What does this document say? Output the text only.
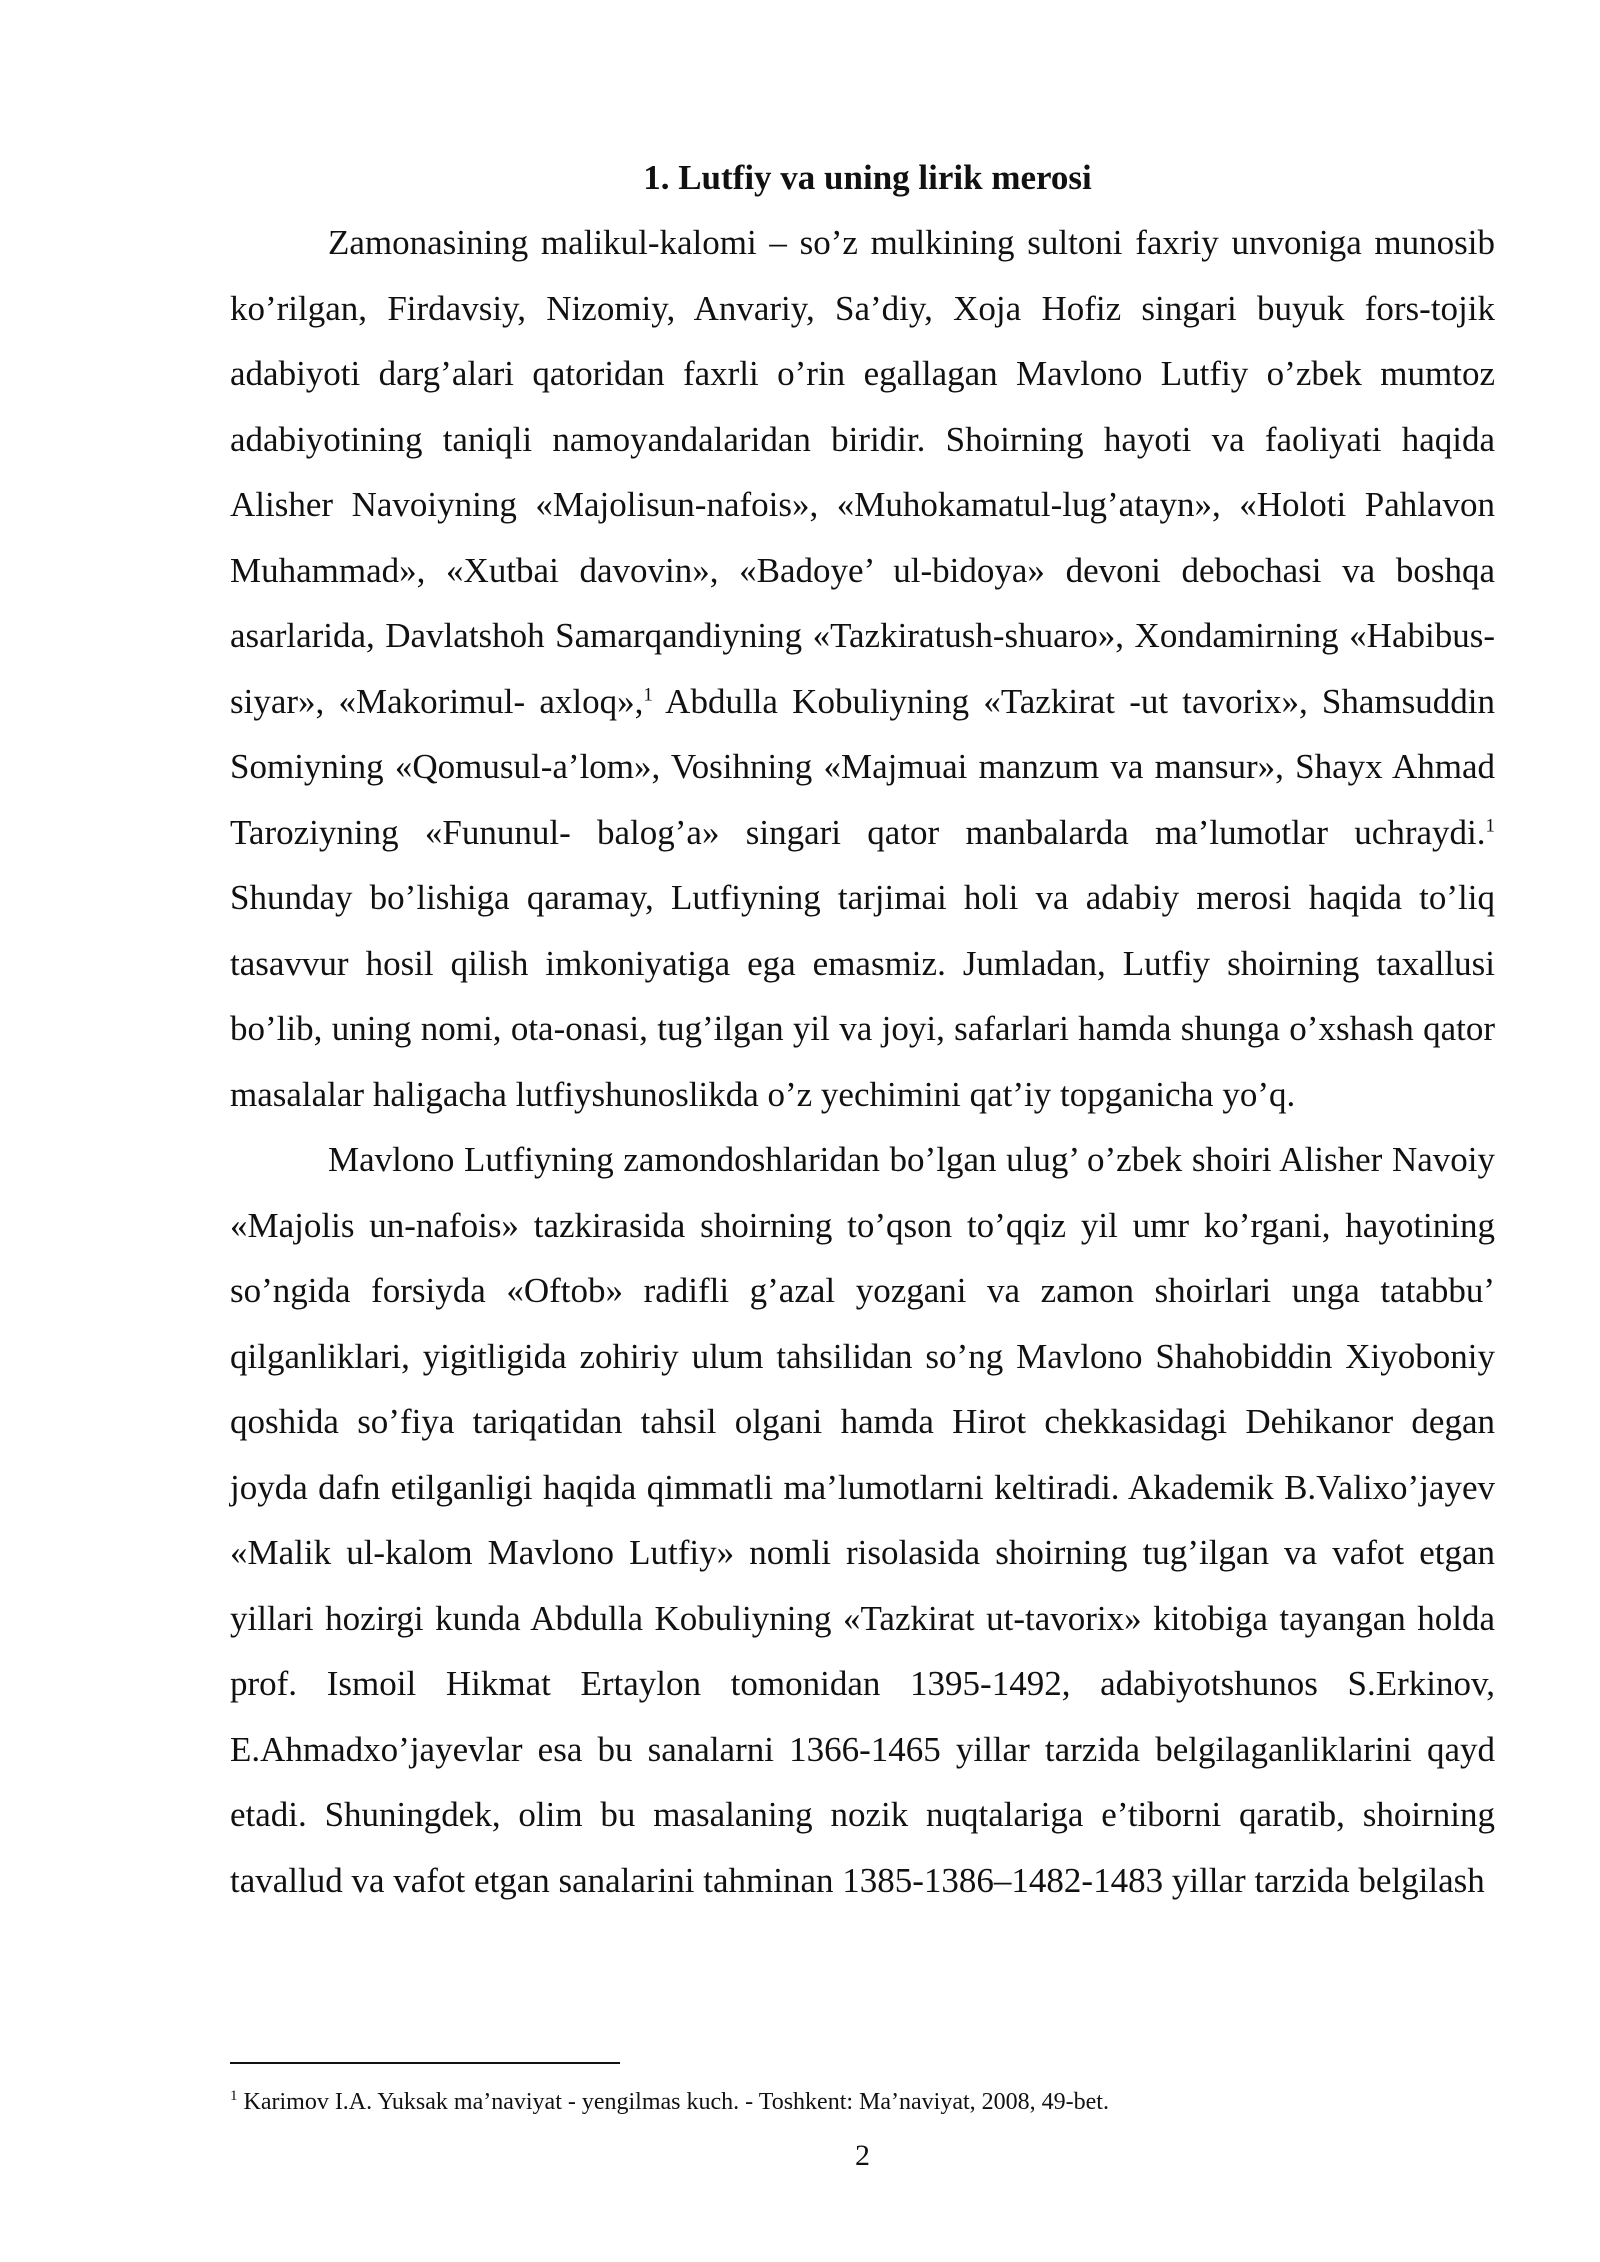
1. Lutfiy va uning lirik merosi

Zamonasining malikul-kalomi – so’z mulkining sultoni faxriy unvoniga munosib ko’rilgan, Firdavsiy, Nizomiy, Anvariy, Sa’diy, Xoja Hofiz singari buyuk fors-tojik adabiyoti darg’alari qatoridan faxrli o’rin egallagan Mavlono Lutfiy o’zbek mumtoz adabiyotining taniqli namoyandalaridan biridir. Shoirning hayoti va faoliyati haqida Alisher Navoiyning «Majolisun-nafois», «Muhokamatul-lug’atayn», «Holoti Pahlavon Muhammad», «Xutbai davovin», «Badoye’ ul-bidoya» devoni debochasi va boshqa asarlarida, Davlatshoh Samarqandiyning «Tazkiratush-shuaro», Xondamirning «Habibus-siyar», «Makorimul- axloq»,$^1$ Abdulla Kobuliyning «Tazkirat -ut tavorix», Shamsuddin Somiyning «Qomusul-a’lom», Vosihning «Majmuai manzum va mansur», Shayx Ahmad Taroziyning «Fununul- balog’a» singari qator manbalarda ma’lumotlar uchraydi.$^1$ Shunday bo’lishiga qaramay, Lutfiyning tarjimai holi va adabiy merosi haqida to’liq tasavvur hosil qilish imkoniyatiga ega emasmiz. Jumladan, Lutfiy shoirning taxallusi bo’lib, uning nomi, ota-onasi, tug’ilgan yil va joyi, safarlari hamda shunga o’xshash qator masalalar haligacha lutfiyshunoslikda o’z yechimini qat’iy topganicha yo’q.

Mavlono Lutfiyning zamondoshlaridan bo’lgan ulug’ o’zbek shoiri Alisher Navoiy «Majolis un-nafois» tazkirasida shoirning to’qson to’qqiz yil umr ko’rgani, hayotining so’ngida forsiyda «Oftob» radifli g’azal yozgani va zamon shoirlari unga tatabbu’ qilganliklari, yigitligida zohiriy ulum tahsilidan so’ng Mavlono Shahobiddin Xiyoboniy qoshida so’fiya tariqatidan tahsil olgani hamda Hirot chekkasidagi Dehikanor degan joyda dafn etilganligi haqida qimmatli ma’lumotlarni keltiradi. Akademik B.Valixo’jayev «Malik ul-kalom Mavlono Lutfiy» nomli risolasida shoirning tug’ilgan va vafot etgan yillari hozirgi kunda Abdulla Kobuliyning «Tazkirat ut-tavorix» kitobiga tayangan holda prof. Ismoil Hikmat Ertaylon tomonidan 1395-1492, adabiyotshunos S.Erkinov, E.Ahmadxo’jayevlar esa bu sanalarni 1366-1465 yillar tarzida belgilaganliklarini qayd etadi. Shuningdek, olim bu masalaning nozik nuqtalariga e’tiborni qaratib, shoirning tavallud va vafot etgan sanalarini tahminan 1385-1386–1482-1483 yillar tarzida belgilash

$^1$ Karimov I.A. Yuksak ma’naviyat - yengilmas kuch. - Toshkent: Ma’naviyat, 2008, 49-bet.

2
